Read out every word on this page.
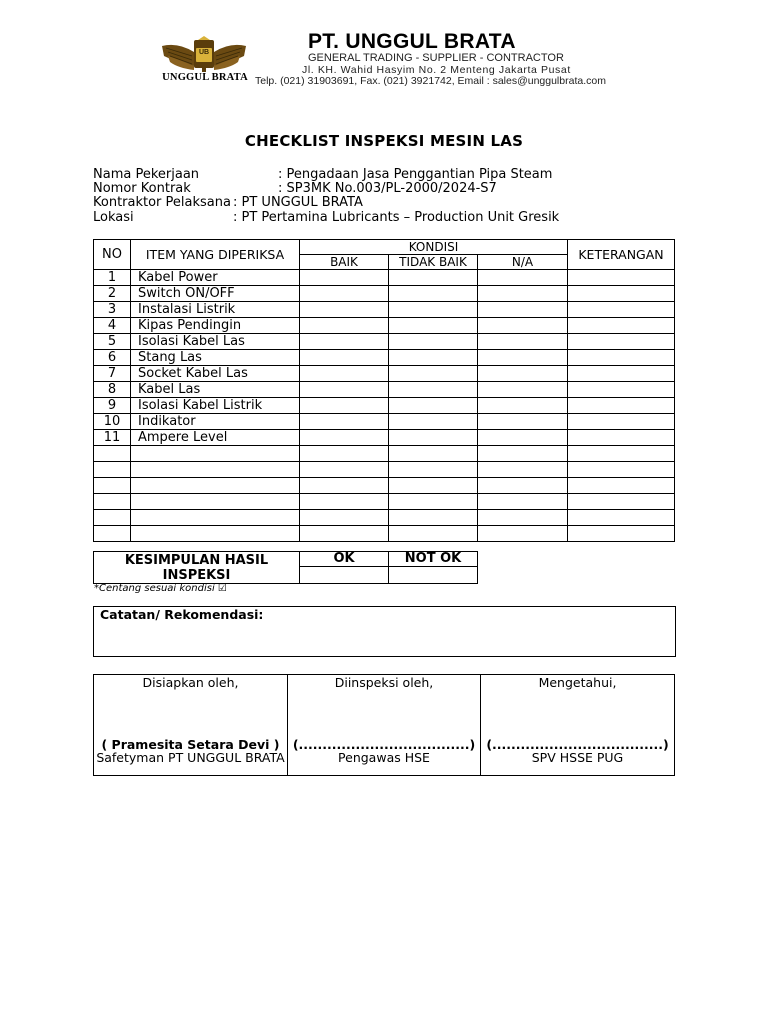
UB
UNGGUL BRATA
PT. UNGGUL BRATA
GENERAL TRADING - SUPPLIER - CONTRACTOR
Jl. KH. Wahid Hasyim No. 2 Menteng Jakarta Pusat
Telp. (021) 31903691, Fax. (021) 3921742, Email : sales@unggulbrata.com
CHECKLIST INSPEKSI MESIN LAS
Nama Pekerjaan	: Pengadaan Jasa Penggantian Pipa Steam
Nomor Kontrak	: SP3MK No.003/PL-2000/2024-S7
Kontraktor Pelaksana : PT UNGGUL BRATA
Lokasi	: PT Pertamina Lubricants – Production Unit Gresik
NO	ITEM YANG DIPERIKSA	KONDISI			KETERANGAN
		BAIK	TIDAK BAIK	N/A	
1	Kabel Power				
2	Switch ON/OFF				
3	Instalasi Listrik				
4	Kipas Pendingin				
5	Isolasi Kabel Las				
6	Stang Las				
7	Socket Kabel Las				
8	Kabel Las				
9	Isolasi Kabel Listrik				
10	Indikator				
11	Ampere Level				

KESIMPULAN HASIL INSPEKSI	OK	NOT OK

*Centang sesuai kondisi ☑
Catatan/ Rekomendasi:
Disiapkan oleh,
( Pramesita Setara Devi )
Safetyman PT UNGGUL BRATA

Diinspeksi oleh,
(....................................)
Pengawas HSE

Mengetahui,
(....................................)
SPV HSSE PUG
